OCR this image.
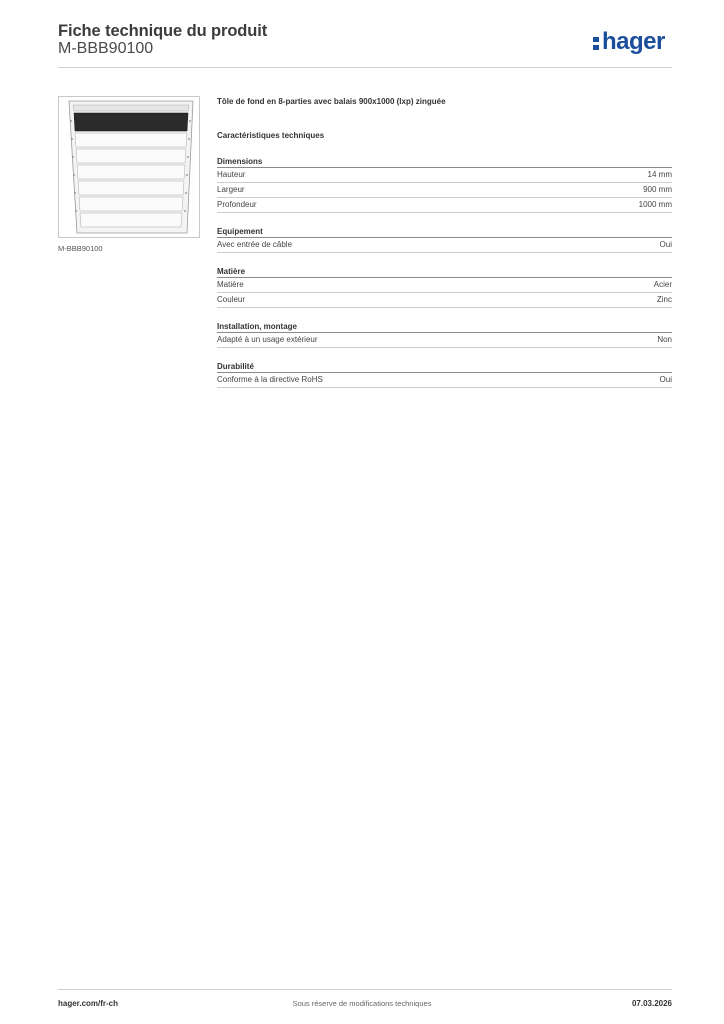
Fiche technique du produit
M-BBB90100	hager
M-BBB90100
Tôle de fond en 8-parties avec balais 900x1000 (lxp) zinguée
Caractéristiques techniques
Dimensions
Hauteur	14 mm
Largeur	900 mm
Profondeur	1000 mm
Equipement
Avec entrée de câble	Oui
Matière
Matière	Acier
Couleur	Zinc
Installation, montage
Adapté à un usage extérieur	Non
Durabilité
Conforme à la directive RoHS	Oui
hager.com/fr-ch	Sous réserve de modifications techniques	07.03.2026
